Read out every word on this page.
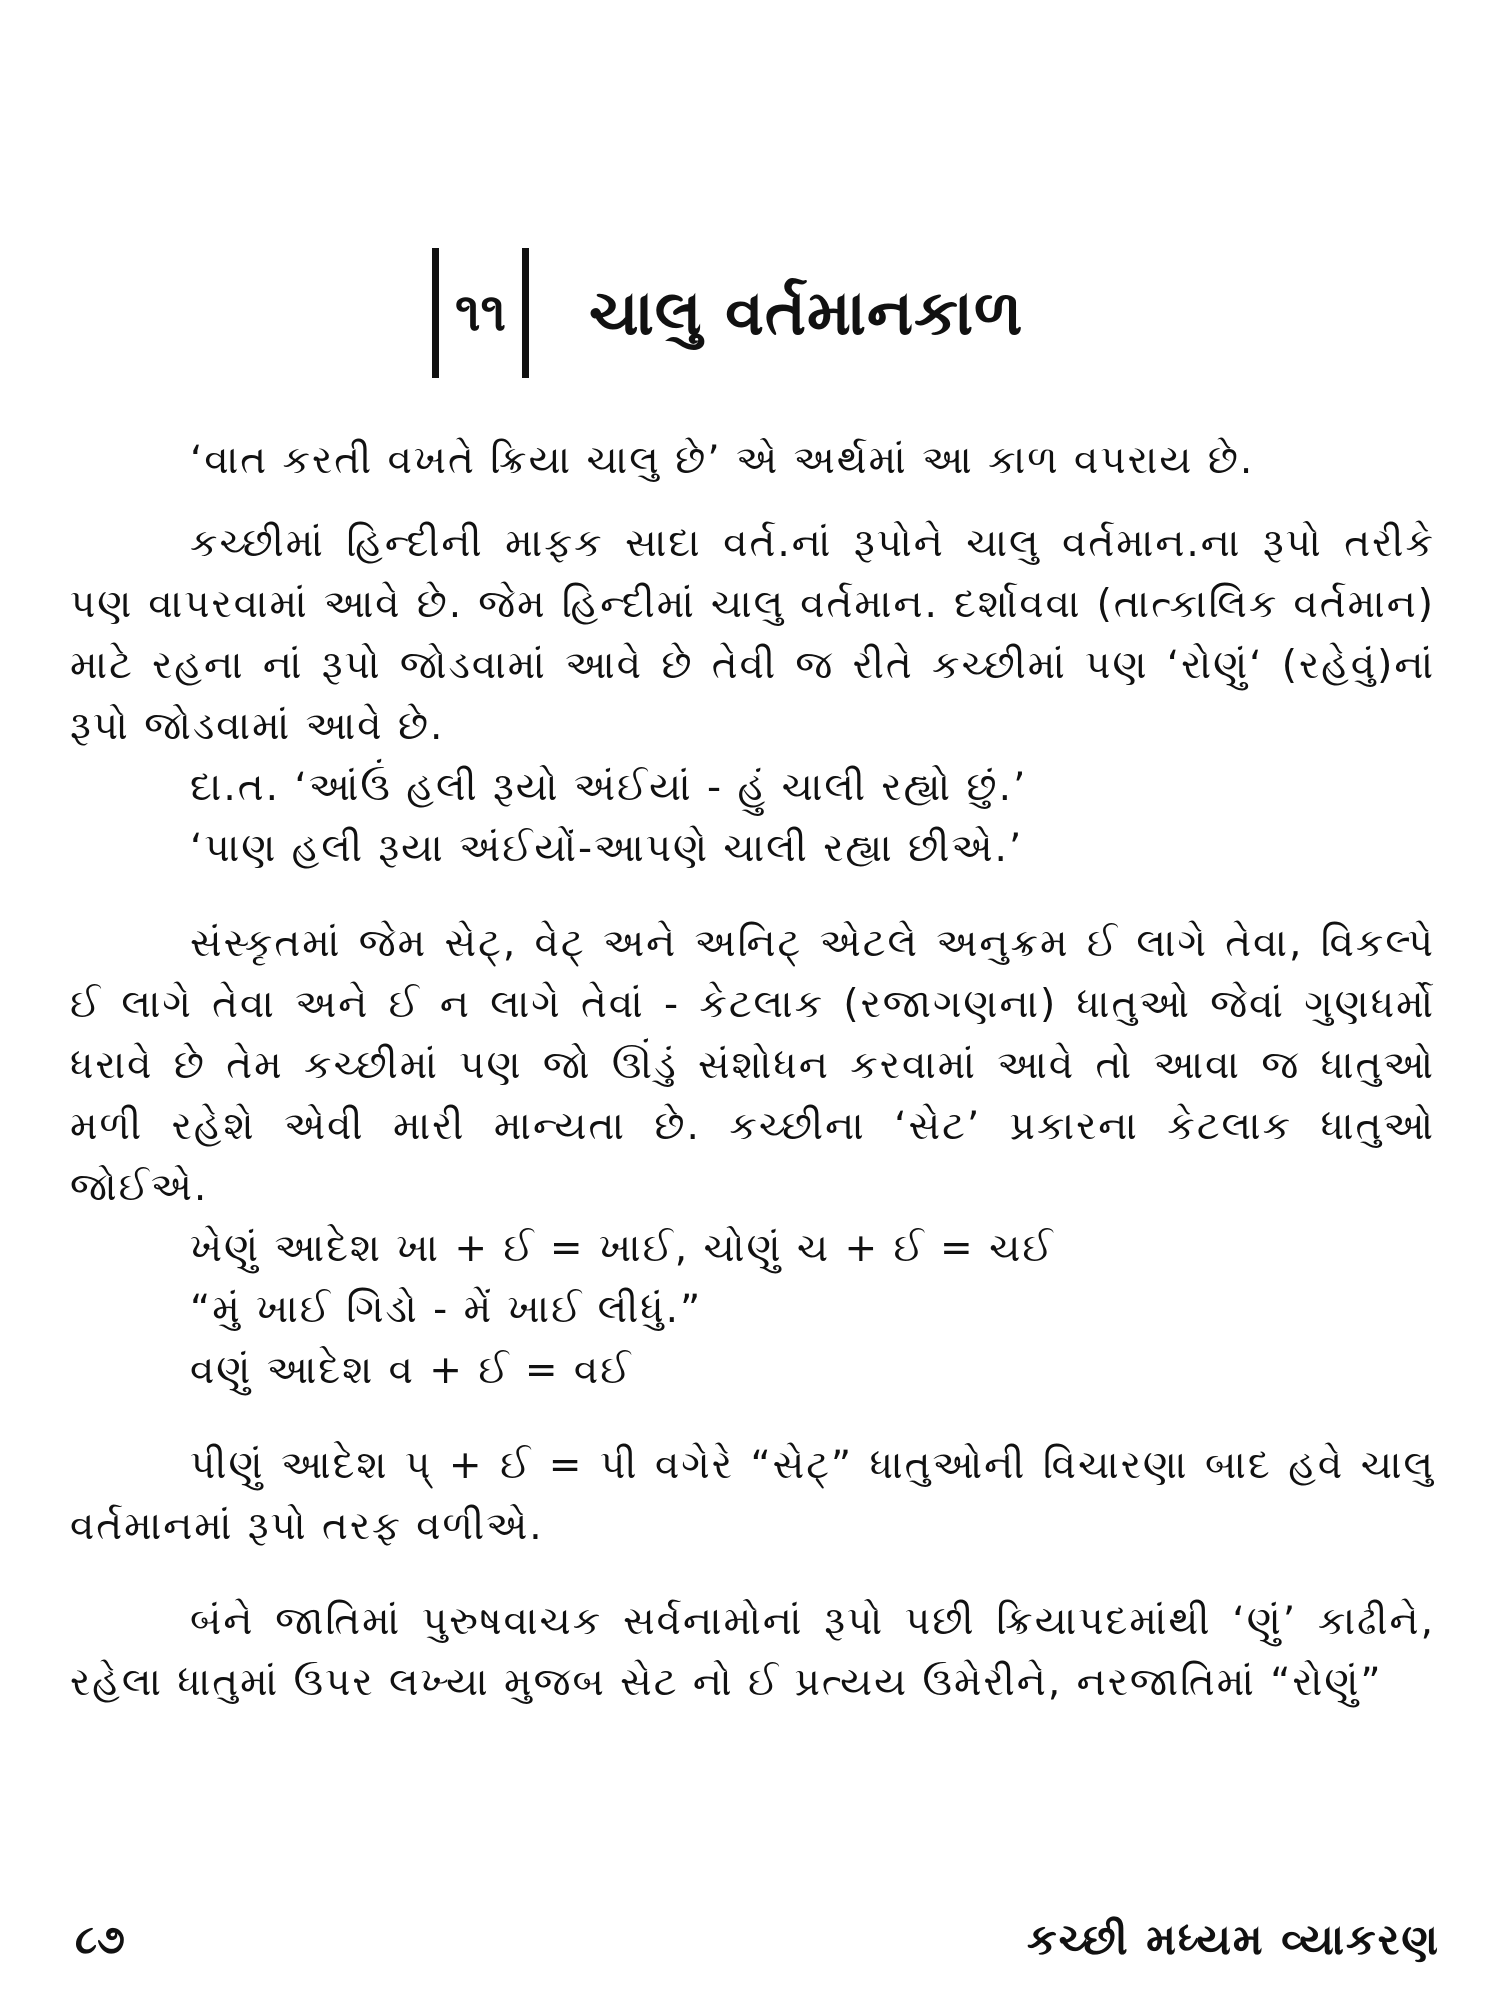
૧૧ ચાલુ વર્તમાનકાળ

‘વાત કરતી વખતે ક્રિયા ચાલુ છે’ એ અર્થમાં આ કાળ વપરાય છે.

કચ્છીમાં હિન્દીની માફક સાદા વર્ત.નાં રૂપોને ચાલુ વર્તમાન.ના રૂપો તરીકે પણ વાપરવામાં આવે છે. જેમ હિન્દીમાં ચાલુ વર્તમાન. દર્શાવવા (તાત્કાલિક વર્તમાન) માટે રહના નાં રૂપો જોડવામાં આવે છે તેવી જ રીતે કચ્છીમાં પણ ‘રોણું‘ (રહેવું)નાં રૂપો જોડવામાં આવે છે.

દા.ત. ‘આંઉં હલી રૂયો અંઈયાં - હું ચાલી રહ્યો છું.’

‘પાણ હલી રૂયા અંઈયોં-આપણે ચાલી રહ્યા છીએ.’

સંસ્કૃતમાં જેમ સેટ્, વેટ્ અને અનિટ્ એટલે અનુક્રમ ઈ લાગે તેવા, વિકલ્પે ઈ લાગે તેવા અને ઈ ન લાગે તેવાં - કેટલાક (રજાગણના) ધાતુઓ જેવાં ગુણધર્મો ધરાવે છે તેમ કચ્છીમાં પણ જો ઊંડું સંશોધન કરવામાં આવે તો આવા જ ધાતુઓ મળી રહેશે એવી મારી માન્યતા છે. કચ્છીના ‘સેટ’ પ્રકારના કેટલાક ધાતુઓ જોઈએ.

ખેણું આદેશ ખા + ઈ = ખાઈ, ચોણું ચ + ઈ = ચઈ

“મું ખાઈ ગિડો - મેં ખાઈ લીધું.”

વણું આદેશ વ + ઈ = વઈ

પીણું આદેશ પ્ + ઈ = પી વગેરે “સેટ્” ધાતુઓની વિચારણા બાદ હવે ચાલુ વર્તમાનમાં રૂપો તરફ વળીએ.

બંને જાતિમાં પુરુષવાચક સર્વનામોનાં રૂપો પછી ક્રિયાપદમાંથી ‘ણું’ કાઢીને, રહેલા ધાતુમાં ઉપર લખ્યા મુજબ સેટ નો ઈ પ્રત્યય ઉમેરીને, નરજાતિમાં “રોણું”

૮૭	કચ્છી મધ્યમ વ્યાકરણ
